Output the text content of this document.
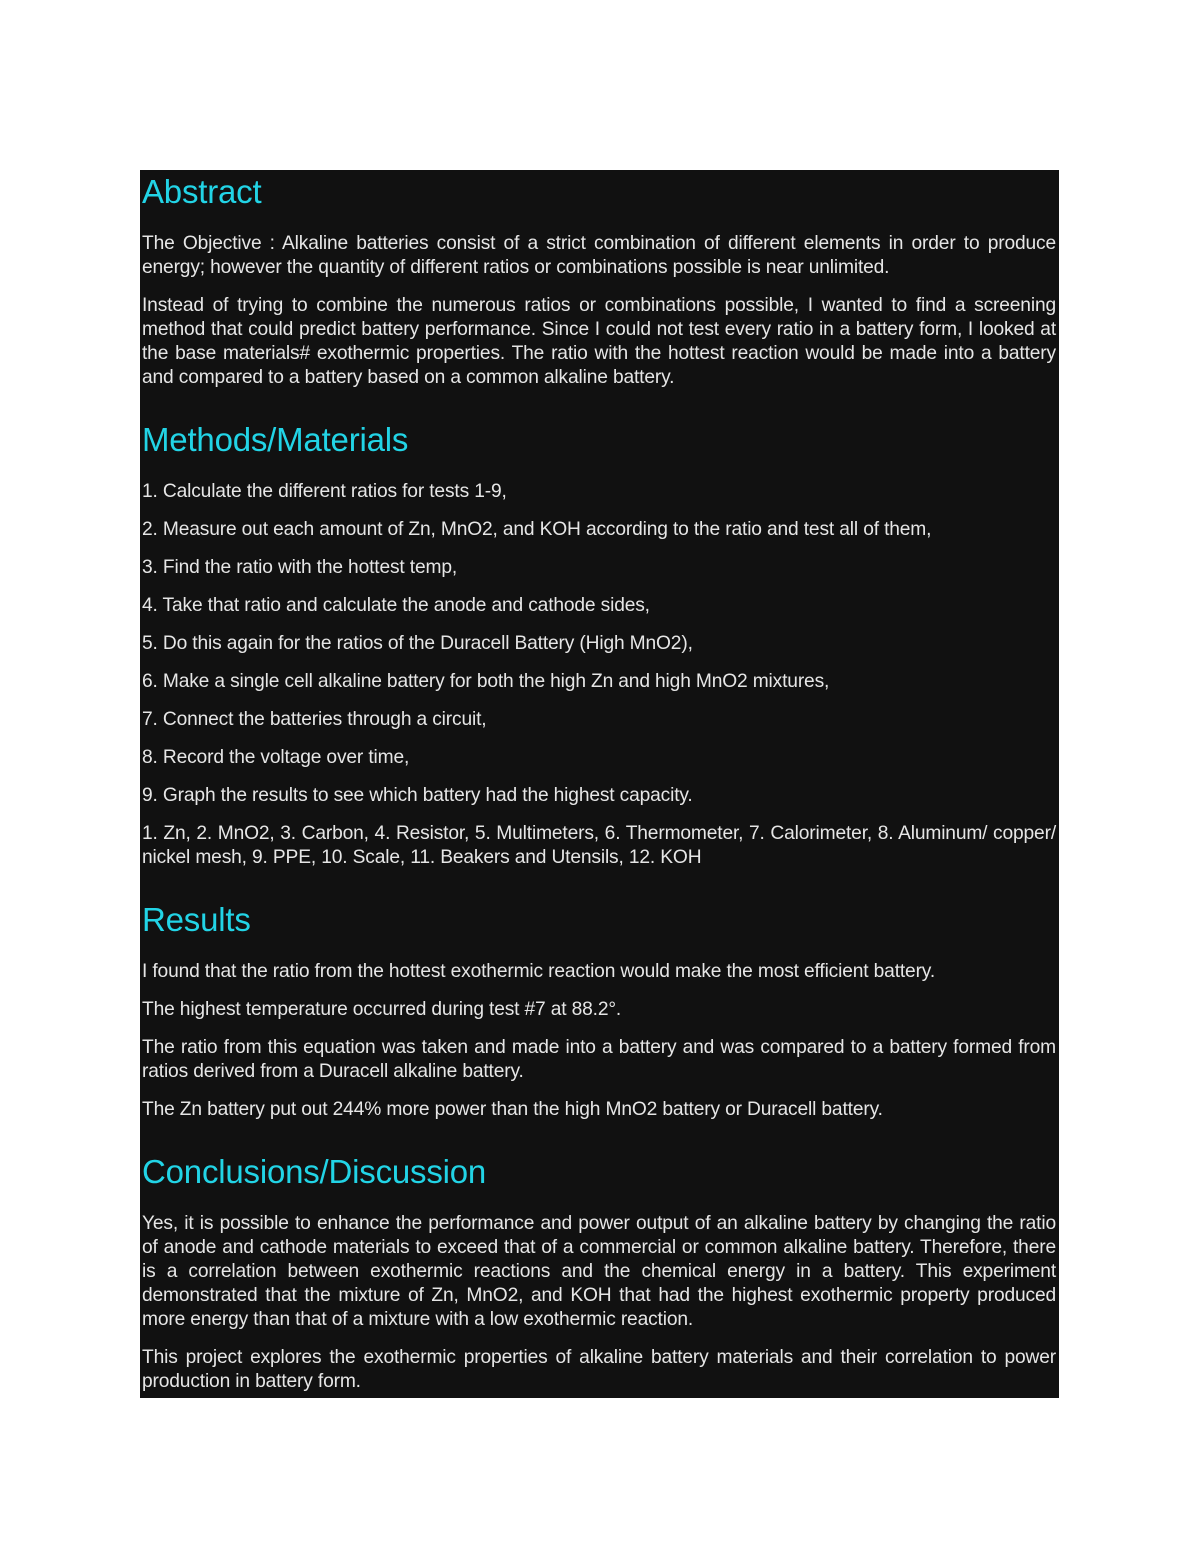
Abstract

The Objective : Alkaline batteries consist of a strict combination of different elements in order to produce energy; however the quantity of different ratios or combinations possible is near unlimited.

Instead of trying to combine the numerous ratios or combinations possible, I wanted to find a screening method that could predict battery performance. Since I could not test every ratio in a battery form, I looked at the base materials# exothermic properties. The ratio with the hottest reaction would be made into a battery and compared to a battery based on a common alkaline battery.

Methods/Materials

1. Calculate the different ratios for tests 1-9,

2. Measure out each amount of Zn, MnO2, and KOH according to the ratio and test all of them,

3. Find the ratio with the hottest temp,

4. Take that ratio and calculate the anode and cathode sides,

5. Do this again for the ratios of the Duracell Battery (High MnO2),

6. Make a single cell alkaline battery for both the high Zn and high MnO2 mixtures,

7. Connect the batteries through a circuit,

8. Record the voltage over time,

9. Graph the results to see which battery had the highest capacity.

1. Zn, 2. MnO2, 3. Carbon, 4. Resistor, 5. Multimeters, 6. Thermometer, 7. Calorimeter, 8. Aluminum/ copper/ nickel mesh, 9. PPE, 10. Scale, 11. Beakers and Utensils, 12. KOH

Results

I found that the ratio from the hottest exothermic reaction would make the most efficient battery.

The highest temperature occurred during test #7 at 88.2°.

The ratio from this equation was taken and made into a battery and was compared to a battery formed from ratios derived from a Duracell alkaline battery.

The Zn battery put out 244% more power than the high MnO2 battery or Duracell battery.

Conclusions/Discussion

Yes, it is possible to enhance the performance and power output of an alkaline battery by changing the ratio of anode and cathode materials to exceed that of a commercial or common alkaline battery. Therefore, there is a correlation between exothermic reactions and the chemical energy in a battery. This experiment demonstrated that the mixture of Zn, MnO2, and KOH that had the highest exothermic property produced more energy than that of a mixture with a low exothermic reaction.

This project explores the exothermic properties of alkaline battery materials and their correlation to power production in battery form.
